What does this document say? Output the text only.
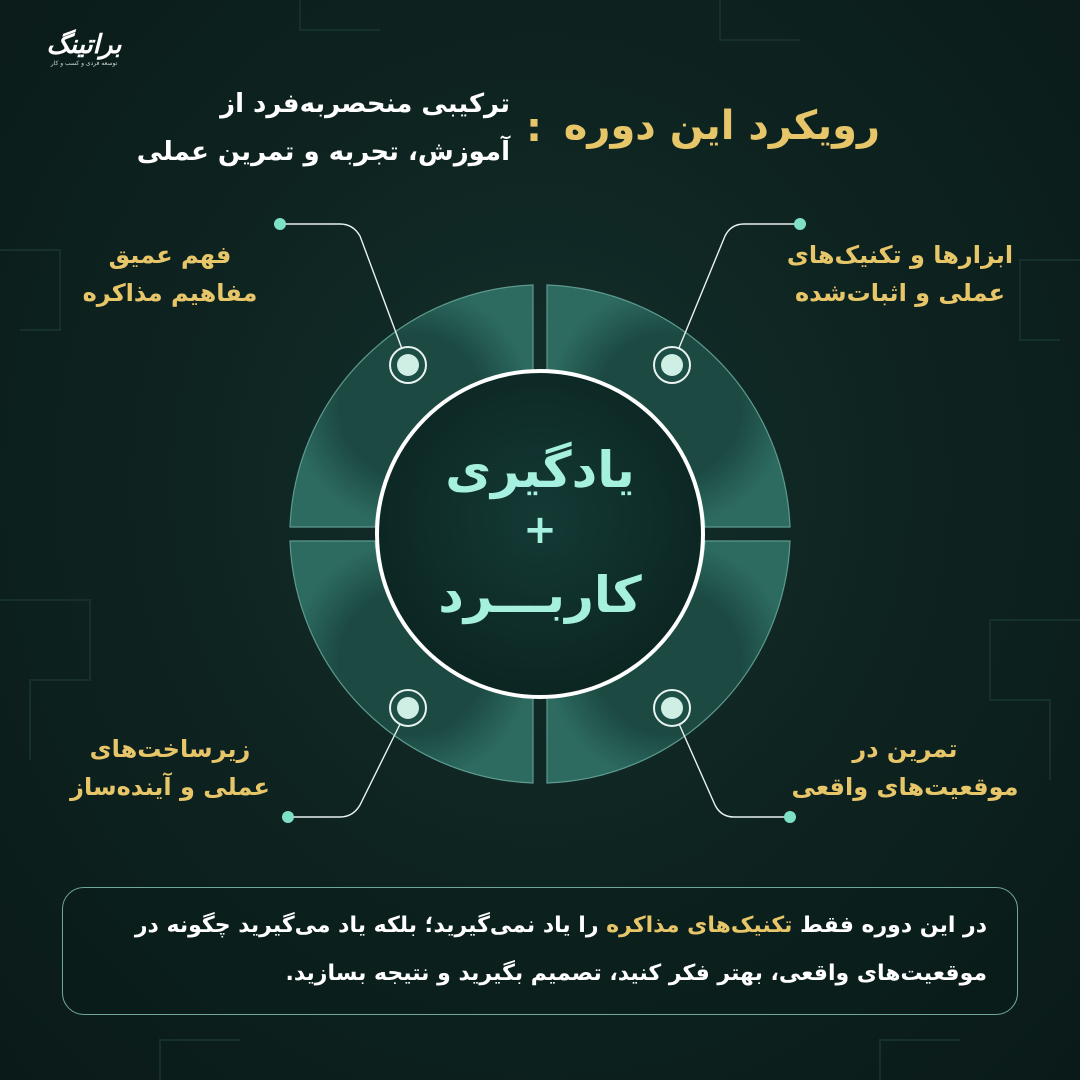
براتینگ
توسعه فردی و کسب و کار
رویکرد این دوره
:
ترکیبی منحصربه‌فرد از
آموزش، تجربه و تمرین عملی
یادگیری
+
کاربـــرد
فهم عمیق
مفاهیم مذاکره
ابزارها و تکنیک‌های
عملی و اثبات‌شده
زیرساخت‌های
عملی و آینده‌ساز
تمرین در
موقعیت‌های واقعی
در این دوره فقط تکنیک‌های مذاکره را یاد نمی‌گیرید؛ بلکه یاد می‌گیرید چگونه در
موقعیت‌های واقعی، بهتر فکر کنید، تصمیم بگیرید و نتیجه بسازید.
